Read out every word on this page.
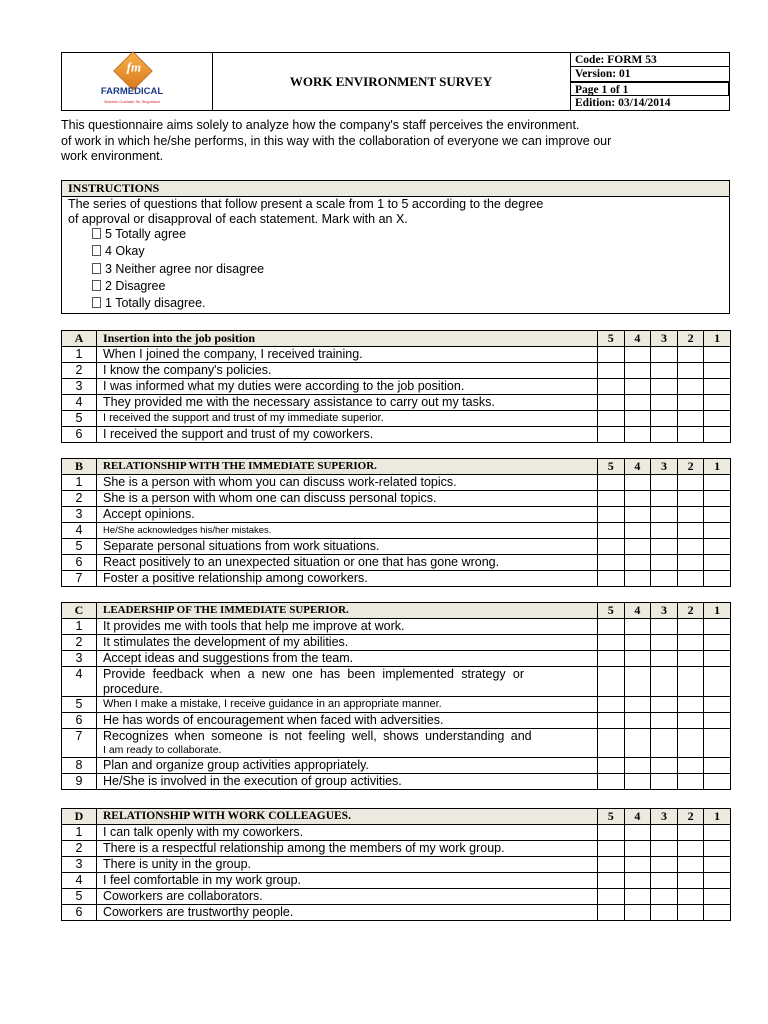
fm
FARMEDICAL
Nuestro Cuidado Su Seguridad
WORK ENVIRONMENT SURVEY
Code: FORM 53
Version: 01
Page 1 of 1
Edition: 03/14/2014
This questionnaire aims solely to analyze how the company's staff perceives the environment.
of work in which he/she performs, in this way with the collaboration of everyone we can improve our
work environment.
INSTRUCTIONS
The series of questions that follow present a scale from 1 to 5 according to the degree
of approval or disapproval of each statement. Mark with an X.
5 Totally agree
4 Okay
3 Neither agree nor disagree
2 Disagree
1 Totally disagree.
A	Insertion into the job position	5	4	3	2	1
1	When I joined the company, I received training.					
2	I know the company's policies.					
3	I was informed what my duties were according to the job position.					
4	They provided me with the necessary assistance to carry out my tasks.					
5	I received the support and trust of my immediate superior.					
6	I received the support and trust of my coworkers.					
B	RELATIONSHIP WITH THE IMMEDIATE SUPERIOR.	5	4	3	2	1
1	She is a person with whom you can discuss work-related topics.					
2	She is a person with whom one can discuss personal topics.					
3	Accept opinions.					
4	He/She acknowledges his/her mistakes.					
5	Separate personal situations from work situations.					
6	React positively to an unexpected situation or one that has gone wrong.					
7	Foster a positive relationship among coworkers.					
C	LEADERSHIP OF THE IMMEDIATE SUPERIOR.	5	4	3	2	1
1	It provides me with tools that help me improve at work.					
2	It stimulates the development of my abilities.					
3	Accept ideas and suggestions from the team.					
4	Provide feedback when a new one has been implemented strategy or procedure.					
5	When I make a mistake, I receive guidance in an appropriate manner.					
6	He has words of encouragement when faced with adversities.					
7	Recognizes when someone is not feeling well, shows understanding and
I am ready to collaborate.					

8	Plan and organize group activities appropriately.					
9	He/She is involved in the execution of group activities.					
D	RELATIONSHIP WITH WORK COLLEAGUES.	5	4	3	2	1
1	I can talk openly with my coworkers.					
2	There is a respectful relationship among the members of my work group.					
3	There is unity in the group.					
4	I feel comfortable in my work group.					
5	Coworkers are collaborators.					
6	Coworkers are trustworthy people.					
